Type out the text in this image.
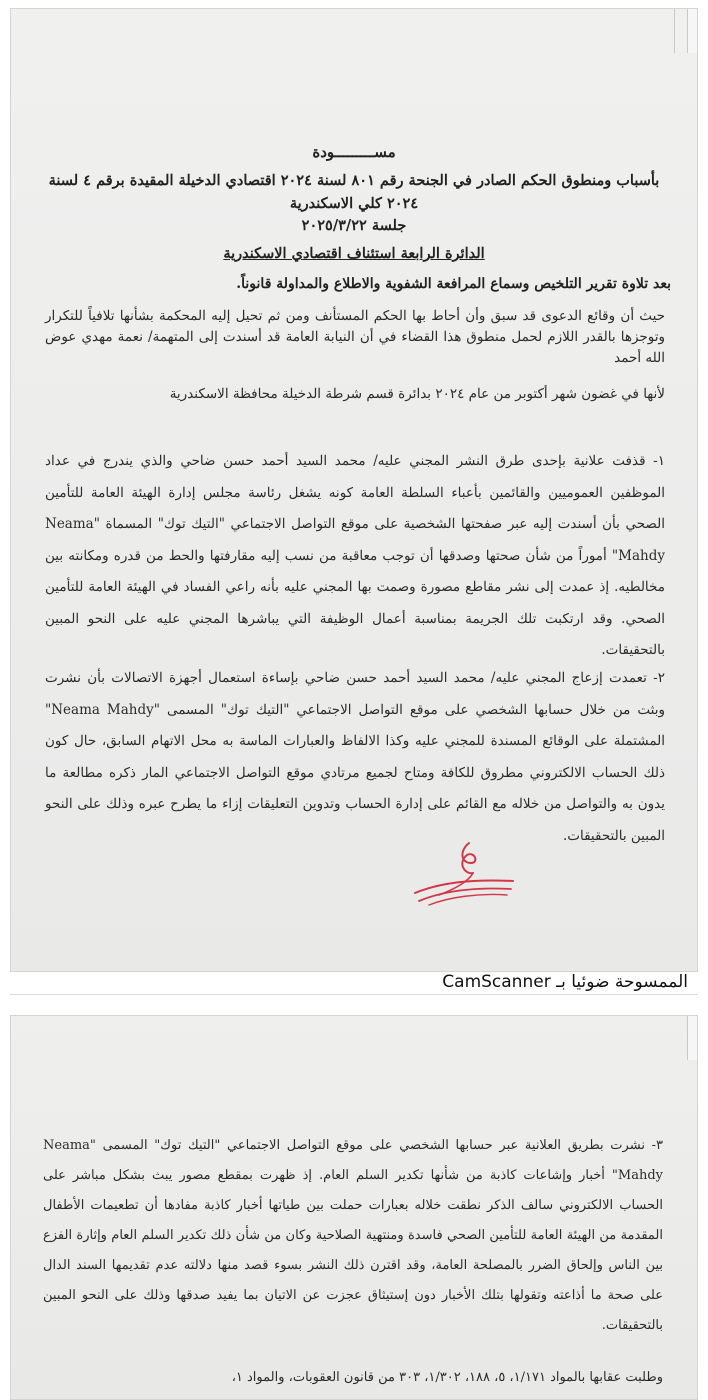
مســـــــــودة
بأسباب ومنطوق الحكم الصادر في الجنحة رقم ٨٠١ لسنة ٢٠٢٤ اقتصادي الدخيلة المقيدة برقم ٤ لسنة ٢٠٢٤ كلي الاسكندرية
جلسة ٢٠٢٥/٣/٢٢
الدائرة الرابعة استئناف اقتصادي الاسكندرية
بعد تلاوة تقرير التلخيص وسماع المرافعة الشفوية والاطلاع والمداولة قانوناً.
حيث أن وقائع الدعوى قد سبق وأن أحاط بها الحكم المستأنف ومن ثم تحيل إليه المحكمة بشأنها تلافياً للتكرار وتوجزها بالقدر اللازم لحمل منطوق هذا القضاء في أن النيابة العامة قد أسندت إلى المتهمة/ نعمة مهدي عوض الله أحمد
لأنها في غضون شهر أكتوبر من عام ٢٠٢٤ بدائرة قسم شرطة الدخيلة محافظة الاسكندرية
١- قذفت علانية بإحدى طرق النشر المجني عليه/ محمد السيد أحمد حسن ضاحي والذي يندرج في عداد الموظفين العموميين والقائمين بأعباء السلطة العامة كونه يشغل رئاسة مجلس إدارة الهيئة العامة للتأمين الصحي بأن أسندت إليه عبر صفحتها الشخصية على موقع التواصل الاجتماعي "التيك توك" المسماة "Neama Mahdy" أموراً من شأن صحتها وصدقها أن توجب معاقبة من نسب إليه مقارفتها والحط من قدره ومكانته بين مخالطيه. إذ عمدت إلى نشر مقاطع مصورة وصمت بها المجني عليه بأنه راعي الفساد في الهيئة العامة للتأمين الصحي. وقد ارتكبت تلك الجريمة بمناسبة أعمال الوظيفة التي يباشرها المجني عليه على النحو المبين بالتحقيقات.
٢- تعمدت إزعاج المجني عليه/ محمد السيد أحمد حسن ضاحي بإساءة استعمال أجهزة الاتصالات بأن نشرت وبثت من خلال حسابها الشخصي على موقع التواصل الاجتماعي "التيك توك" المسمى "Neama Mahdy" المشتملة على الوقائع المسندة للمجني عليه وكذا الالفاظ والعبارات الماسة به محل الاتهام السابق، حال كون ذلك الحساب الالكتروني مطروق للكافة ومتاح لجميع مرتادي موقع التواصل الاجتماعي المار ذكره مطالعة ما يدون به والتواصل من خلاله مع القائم على إدارة الحساب وتدوين التعليقات إزاء ما يطرح عبره وذلك على النحو المبين بالتحقيقات.
الممسوحة ضوئيا بـ CamScanner
٣- نشرت بطريق العلانية عبر حسابها الشخصي على موقع التواصل الاجتماعي "التيك توك" المسمى "Neama Mahdy" أخبار وإشاعات كاذبة من شأنها تكدير السلم العام. إذ ظهرت بمقطع مصور يبث بشكل مباشر على الحساب الالكتروني سالف الذكر نطقت خلاله بعبارات حملت بين طياتها أخبار كاذبة مفادها أن تطعيمات الأطفال المقدمة من الهيئة العامة للتأمين الصحي فاسدة ومنتهية الصلاحية وكان من شأن ذلك تكدير السلم العام وإثارة الفزع بين الناس وإلحاق الضرر بالمصلحة العامة، وقد اقترن ذلك النشر بسوء قصد منها دلالته عدم تقديمها السند الدال على صحة ما أذاعته وتقولها بتلك الأخبار دون إستيثاق عجزت عن الاتيان بما يفيد صدقها وذلك على النحو المبين بالتحقيقات.
وطلبت عقابها بالمواد ١/١٧١، ٥، ١٨٨، ١/٣٠٢، ٣٠٣ من قانون العقوبات، والمواد ١،
